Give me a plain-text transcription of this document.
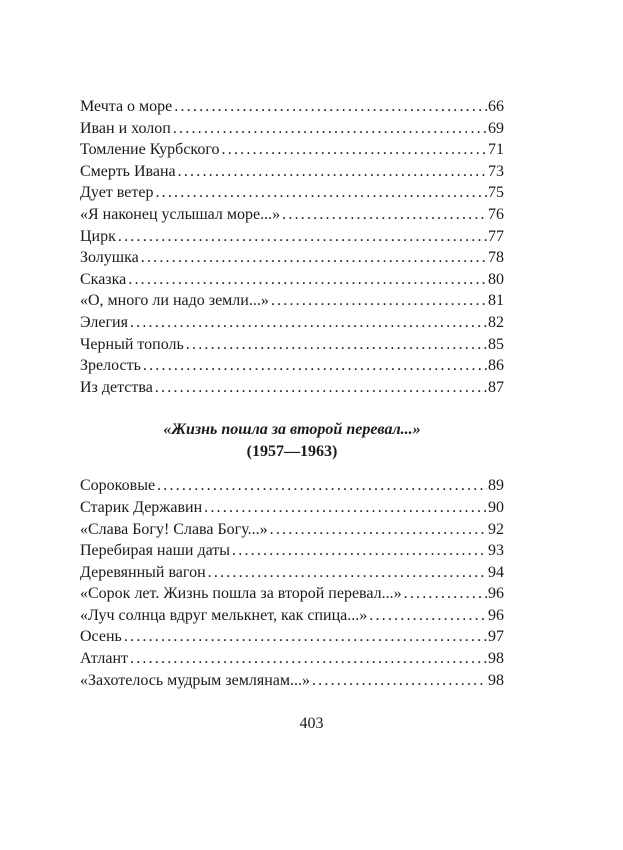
Мечта о море .....	66
Иван и холоп .....	69
Томление Курбского .....	71
Смерть Ивана .....	73
Дует ветер .....	75
«Я наконец услышал море...» .....	76
Цирк .....	77
Золушка .....	78
Сказка .....	80
«О, много ли надо земли...» .....	81
Элегия .....	82
Черный тополь .....	85
Зрелость .....	86
Из детства .....	87
«Жизнь пошла за второй перевал...»
(1957—1963)
Сороковые .....	89
Старик Державин .....	90
«Слава Богу! Слава Богу...» .....	92
Перебирая наши даты .....	93
Деревянный вагон .....	94
«Сорок лет. Жизнь пошла за второй перевал...» .....	96
«Луч солнца вдруг мелькнет, как спица...» .....	96
Осень .....	97
Атлант .....	98
«Захотелось мудрым землянам...» .....	98
403
